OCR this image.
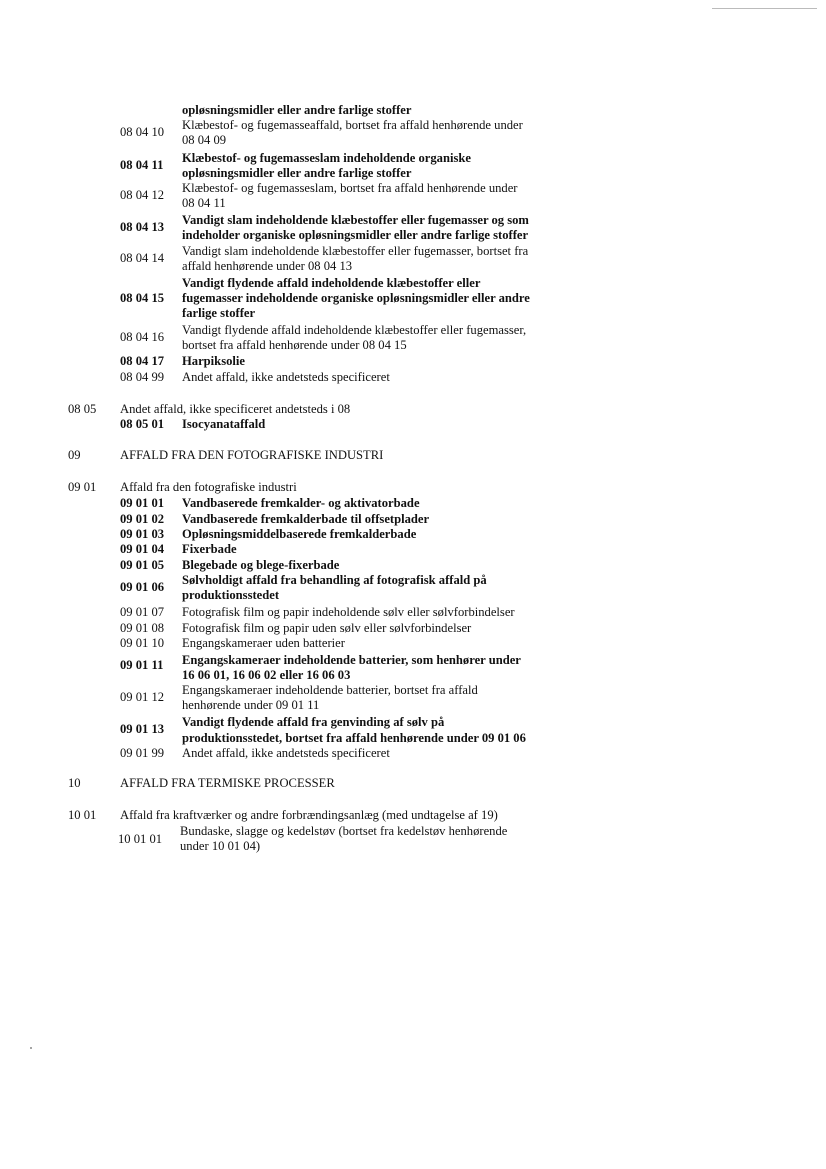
opløsningsmidler eller andre farlige stoffer
08 04 10 Klæbestof- og fugemasseaffald, bortset fra affald henhørende under
08 04 09
08 04 11 Klæbestof- og fugemasseslam indeholdende organiske
opløsningsmidler eller andre farlige stoffer
08 04 12 Klæbestof- og fugemasseslam, bortset fra affald henhørende under
08 04 11
08 04 13 Vandigt slam indeholdende klæbestoffer eller fugemasser og som
indeholder organiske opløsningsmidler eller andre farlige stoffer
08 04 14 Vandigt slam indeholdende klæbestoffer eller fugemasser, bortset fra
affald henhørende under 08 04 13
08 04 15
Vandigt flydende affald indeholdende klæbestoffer eller
fugemasser indeholdende organiske opløsningsmidler eller andre
farlige stoffer
08 04 16 Vandigt flydende affald indeholdende klæbestoffer eller fugemasser,
bortset fra affald henhørende under 08 04 15
08 04 17 Harpiksolie
08 04 99 Andet affald, ikke andetsteds specificeret
08 05 Andet affald, ikke specificeret andetsteds i 08
08 05 01 Isocyanataffald
09	AFFALD FRA DEN FOTOGRAFISKE INDUSTRI
09 01 Affald fra den fotografiske industri
09 01 01 Vandbaserede fremkalder- og aktivatorbade
09 01 02 Vandbaserede fremkalderbade til offsetplader
09 01 03 Opløsningsmiddelbaserede fremkalderbade
09 01 04 Fixerbade
09 01 05 Blegebade og blege-fixerbade
09 01 06 Sølvholdigt affald fra behandling af fotografisk affald på
produktionsstedet
09 01 07 Fotografisk film og papir indeholdende sølv eller sølvforbindelser
09 01 08 Fotografisk film og papir uden sølv eller sølvforbindelser
09 01 10 Engangskameraer uden batterier
09 01 11 Engangskameraer indeholdende batterier, som henhører under
16 06 01, 16 06 02 eller 16 06 03
09 01 12 Engangskameraer indeholdende batterier, bortset fra affald
henhørende under 09 01 11
09 01 13 Vandigt flydende affald fra genvinding af sølv på
produktionsstedet, bortset fra affald henhørende under 09 01 06
09 01 99 Andet affald, ikke andetsteds specificeret
10	AFFALD FRA TERMISKE PROCESSER
10 01 Affald fra kraftværker og andre forbrændingsanlæg (med undtagelse af 19)
10 01 01
Bundaske, slagge og kedelstøv (bortset fra kedelstøv henhørende
under 10 01 04)
